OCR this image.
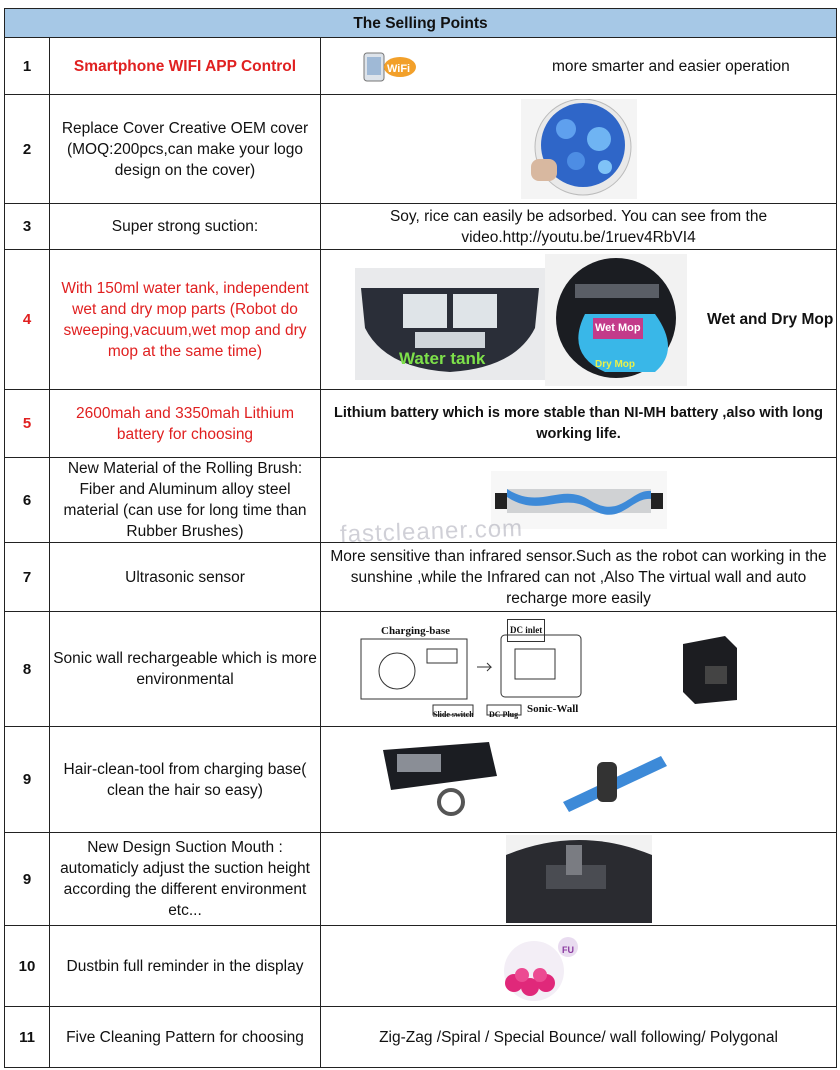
The Selling Points		
1	Smartphone WIFI APP Control	WiFi more smarter and easier operation

2	Replace Cover Creative OEM cover (MOQ:200pcs,can make your logo design on the cover)	
3	Super strong suction:	Soy, rice can easily be adsorbed. You can see from the video.http://youtu.be/1ruev4RbVI4
4	With 150ml water tank, independent wet and dry mop parts (Robot do sweeping,vacuum,wet mop and dry mop at the same time)	Water tank
Wet Mop
Dry Mop
Wet and Dry Mop

5	2600mah and 3350mah Lithium battery for choosing	Lithium battery which is more stable than NI-MH battery ,also with long working life.
6	New Material of the Rolling Brush: Fiber and Aluminum alloy steel material (can use for long time than Rubber Brushes)	
7	Ultrasonic sensor	More sensitive than infrared sensor.Such as the robot can working in the sunshine ,while the Infrared can not ,Also The virtual wall and auto recharge more easily
8	Sonic wall rechargeable which is more environmental	Charging-base DC inlet
Slide switch DC Plug Sonic-Wall

9	Hair-clean-tool from charging base( clean the hair so easy)	

9	New Design Suction Mouth : automaticly adjust the suction height according the different environment etc...	
10	Dustbin full reminder in the display	FU

11	Five Cleaning Pattern for choosing	Zig-Zag /Spiral / Special Bounce/ wall following/ Polygonal
fastcleaner.com
